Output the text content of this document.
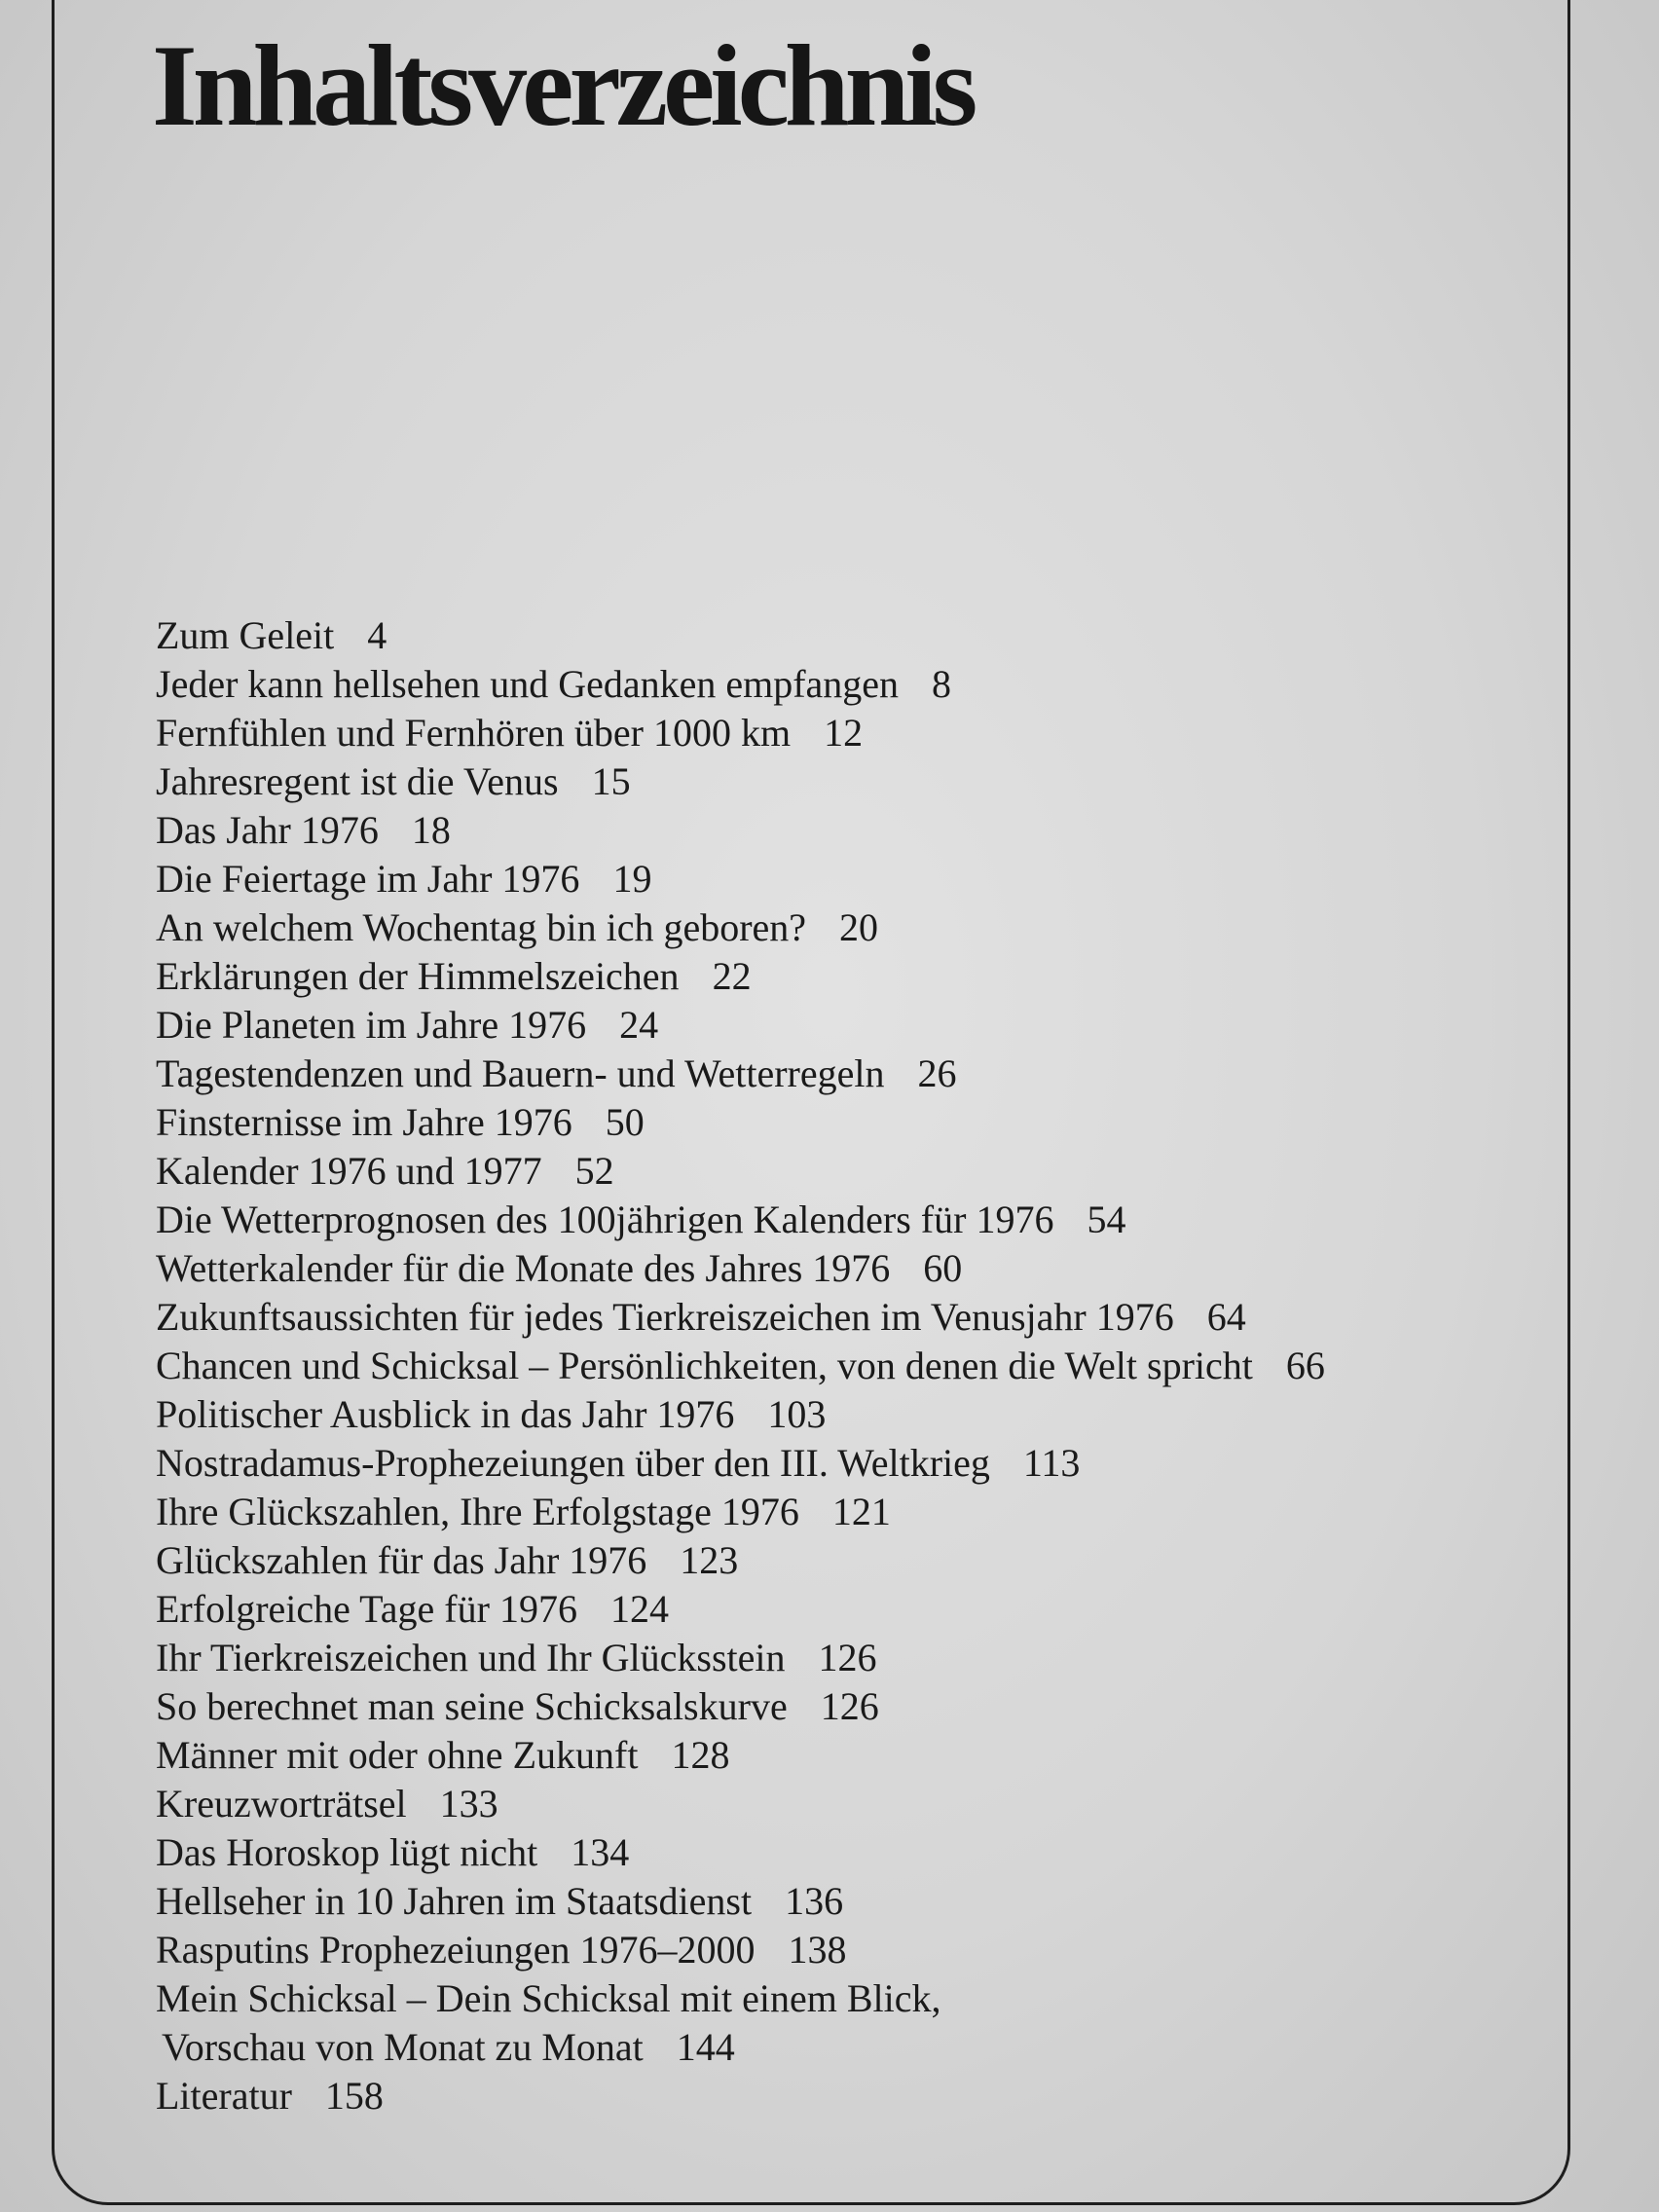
Inhaltsverzeichnis
Zum Geleit 4
Jeder kann hellsehen und Gedanken empfangen 8
Fernfühlen und Fernhören über 1000 km 12
Jahresregent ist die Venus 15
Das Jahr 1976 18
Die Feiertage im Jahr 1976 19
An welchem Wochentag bin ich geboren? 20
Erklärungen der Himmelszeichen 22
Die Planeten im Jahre 1976 24
Tagestendenzen und Bauern- und Wetterregeln 26
Finsternisse im Jahre 1976 50
Kalender 1976 und 1977 52
Die Wetterprognosen des 100jährigen Kalenders für 1976 54
Wetterkalender für die Monate des Jahres 1976 60
Zukunftsaussichten für jedes Tierkreiszeichen im Venusjahr 1976 64
Chancen und Schicksal – Persönlichkeiten, von denen die Welt spricht 66
Politischer Ausblick in das Jahr 1976 103
Nostradamus-Prophezeiungen über den III. Weltkrieg 113
Ihre Glückszahlen, Ihre Erfolgstage 1976 121
Glückszahlen für das Jahr 1976 123
Erfolgreiche Tage für 1976 124
Ihr Tierkreiszeichen und Ihr Glücksstein 126
So berechnet man seine Schicksalskurve 126
Männer mit oder ohne Zukunft 128
Kreuzworträtsel 133
Das Horoskop lügt nicht 134
Hellseher in 10 Jahren im Staatsdienst 136
Rasputins Prophezeiungen 1976–2000 138
Mein Schicksal – Dein Schicksal mit einem Blick,
Vorschau von Monat zu Monat 144
Literatur 158
